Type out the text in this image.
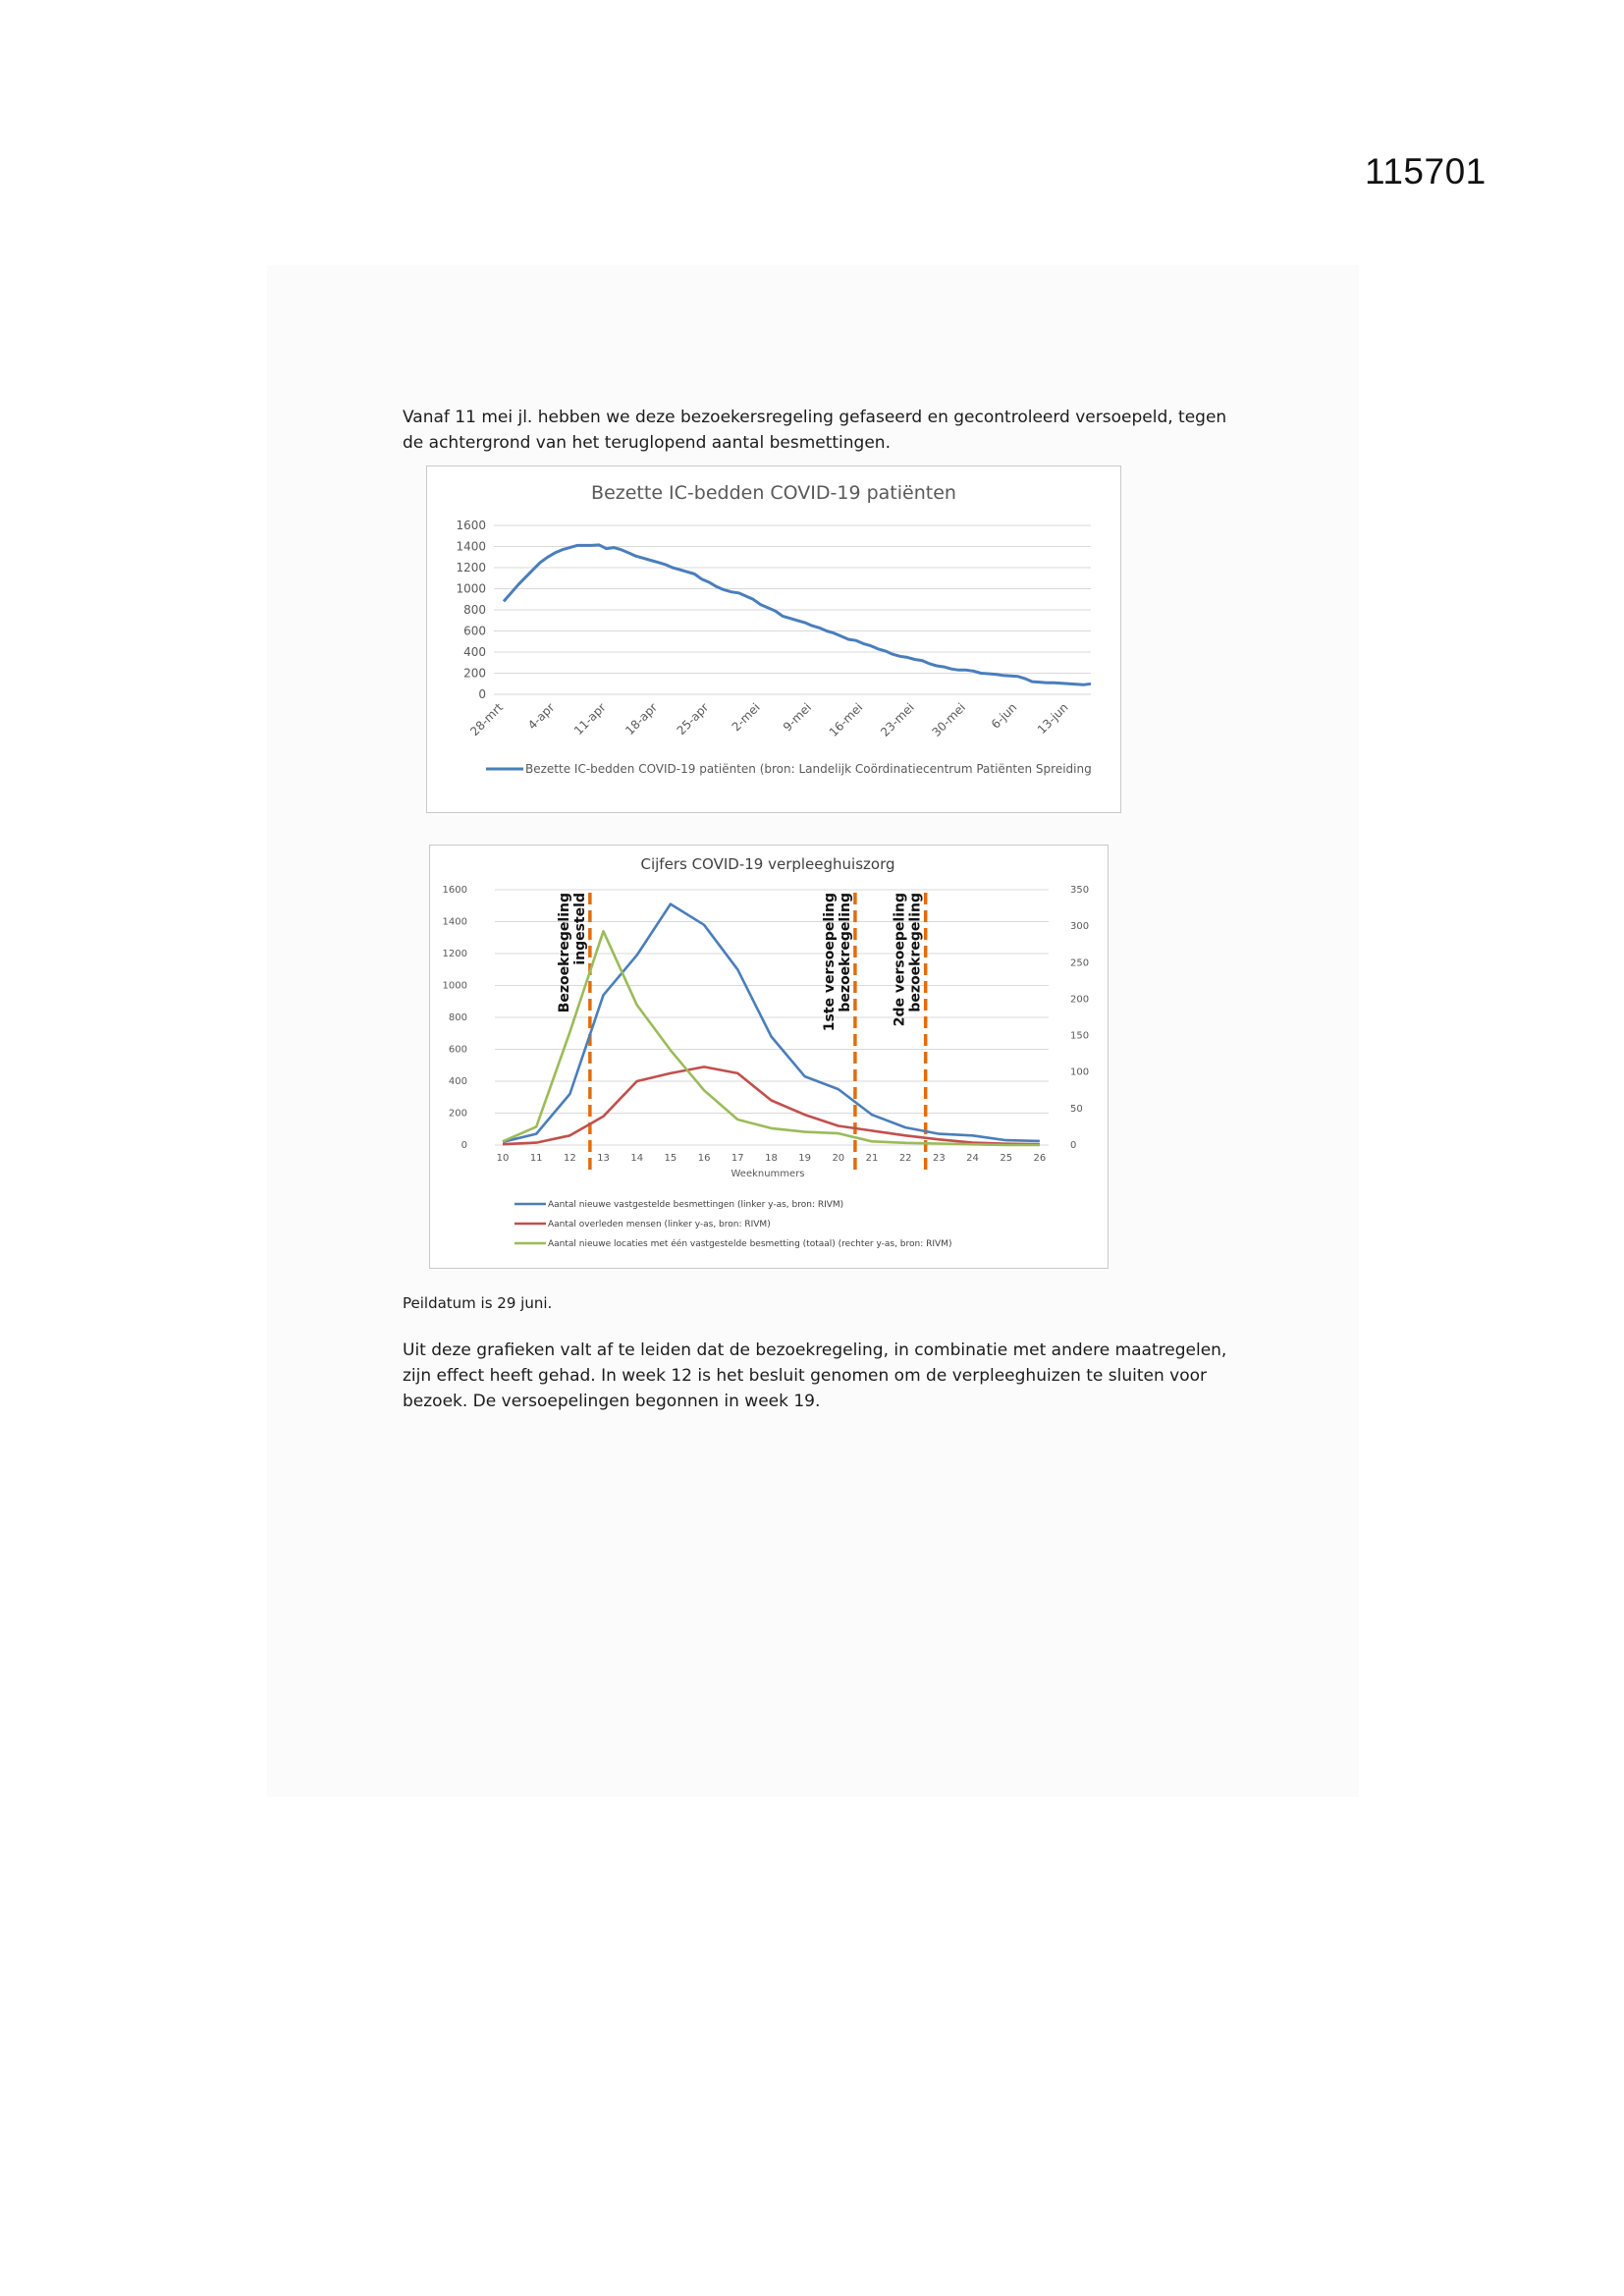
115701

Vanaf 11 mei jl. hebben we deze bezoekersregeling gefaseerd en gecontroleerd versoepeld, tegen de achtergrond van het teruglopend aantal besmettingen.

Bezette IC-bedden COVID-19 patiënten
0
200
400
600
800
1000
1200
1400
1600
28-mrt 4-apr 11-apr 18-apr 25-apr 2-mei 9-mei 16-mei 23-mei 30-mei 6-jun 13-jun
Bezette IC-bedden COVID-19 patiënten (bron: Landelijk Coördinatiecentrum Patiënten Spreiding
Cijfers COVID-19 verpleeghuiszorg
0
200
400
600
800
1000
1200
1400
1600
0
50
100
150
200
250
300
350
10 11 12 13 14 15 16 17 18 19 20 21 22 23 24 25 26
Weeknummers
Bezoekregeling ingesteld	1ste versoepeling bezoekregeling	2de versoepeling bezoekregeling
Aantal nieuwe vastgestelde besmettingen (linker y-as, bron: RIVM)
Aantal overleden mensen (linker y-as, bron: RIVM)
Aantal nieuwe locaties met één vastgestelde besmetting (totaal) (rechter y-as, bron: RIVM)

Peildatum is 29 juni.

Uit deze grafieken valt af te leiden dat de bezoekregeling, in combinatie met andere maatregelen, zijn effect heeft gehad. In week 12 is het besluit genomen om de verpleeghuizen te sluiten voor bezoek. De versoepelingen begonnen in week 19.
